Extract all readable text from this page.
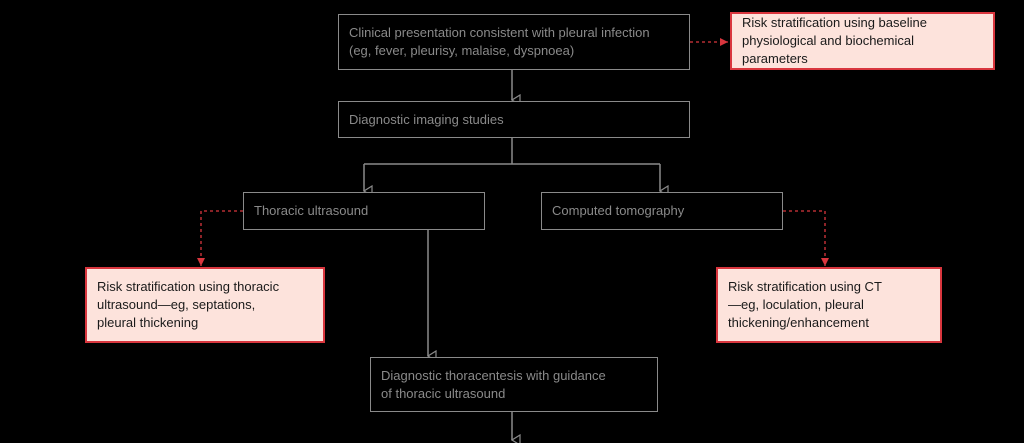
Clinical presentation consistent with pleural infection
(eg, fever, pleurisy, malaise, dyspnoea)
Risk stratification using baseline
physiological and biochemical parameters
Diagnostic imaging studies
Thoracic ultrasound	Computed tomography
Risk stratification using thoracic
ultrasound—eg, septations,
pleural thickening
Risk stratification using CT
—eg, loculation, pleural
thickening/enhancement
Diagnostic thoracentesis with guidance
of thoracic ultrasound
